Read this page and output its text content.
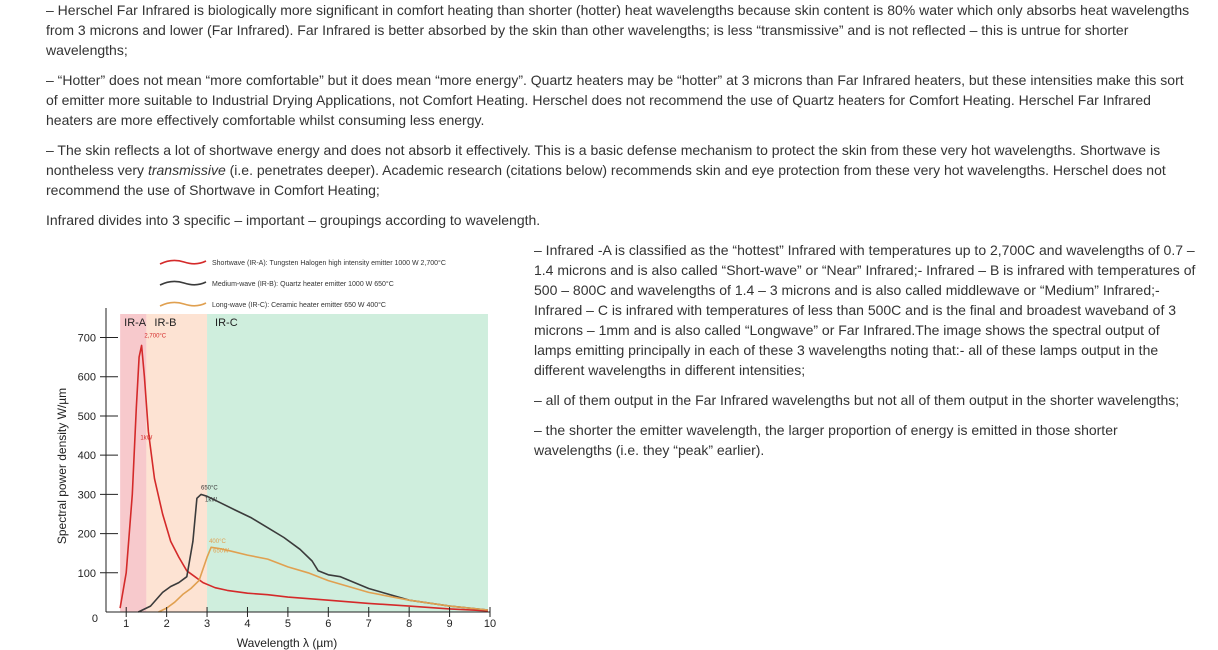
– Herschel Far Infrared is biologically more significant in comfort heating than shorter (hotter) heat wavelengths because skin content is 80% water which only absorbs heat wavelengths from 3 microns and lower (Far Infrared). Far Infrared is better absorbed by the skin than other wavelengths; is less “transmissive” and is not reflected – this is untrue for shorter wavelengths;

– “Hotter” does not mean “more comfortable” but it does mean “more energy”. Quartz heaters may be “hotter” at 3 microns than Far Infrared heaters, but these intensities make this sort of emitter more suitable to Industrial Drying Applications, not Comfort Heating. Herschel does not recommend the use of Quartz heaters for Comfort Heating. Herschel Far Infrared heaters are more effectively comfortable whilst consuming less energy.

– The skin reflects a lot of shortwave energy and does not absorb it effectively. This is a basic defense mechanism to protect the skin from these very hot wavelengths. Shortwave is nontheless very transmissive (i.e. penetrates deeper). Academic research (citations below) recommends skin and eye protection from these very hot wavelengths. Herschel does not recommend the use of Shortwave in Comfort Heating;

Infrared divides into 3 specific – important – groupings according to wavelength.

– Infrared -A is classified as the “hottest” Infrared with temperatures up to 2,700C and wavelengths of 0.7 – 1.4 microns and is also called “Short-wave” or “Near” Infrared;- Infrared – B is infrared with temperatures of 500 – 800C and wavelengths of 1.4 – 3 microns and is also called middlewave or “Medium” Infrared;- Infrared – C is infrared with temperatures of less than 500C and is the final and broadest waveband of 3 microns – 1mm and is also called “Longwave” or Far Infrared.The image shows the spectral output of lamps emitting principally in each of these 3 wavelengths noting that:- all of these lamps output in the different wavelengths in different intensities;

– all of them output in the Far Infrared wavelengths but not all of them output in the shorter wavelengths;

– the shorter the emitter wavelength, the larger proportion of energy is emitted in those shorter wavelengths (i.e. they “peak” earlier).

IR-A IR-B	IR-C
0 1	2	3	4	5	6	7	8	9	10
100
200
300
400
500
600
700
Shortwave (IR-A): Tungsten Halogen high intensity emitter 1000 W 2,700°C
Medium-wave (IR-B): Quartz heater emitter 1000 W 650°C
Long-wave (IR-C): Ceramic heater emitter 650 W 400°C
2,700°C
1kW
650°C
1kW
400°C
650W
Wavelength λ (µm)
Spectral power density W/µm
